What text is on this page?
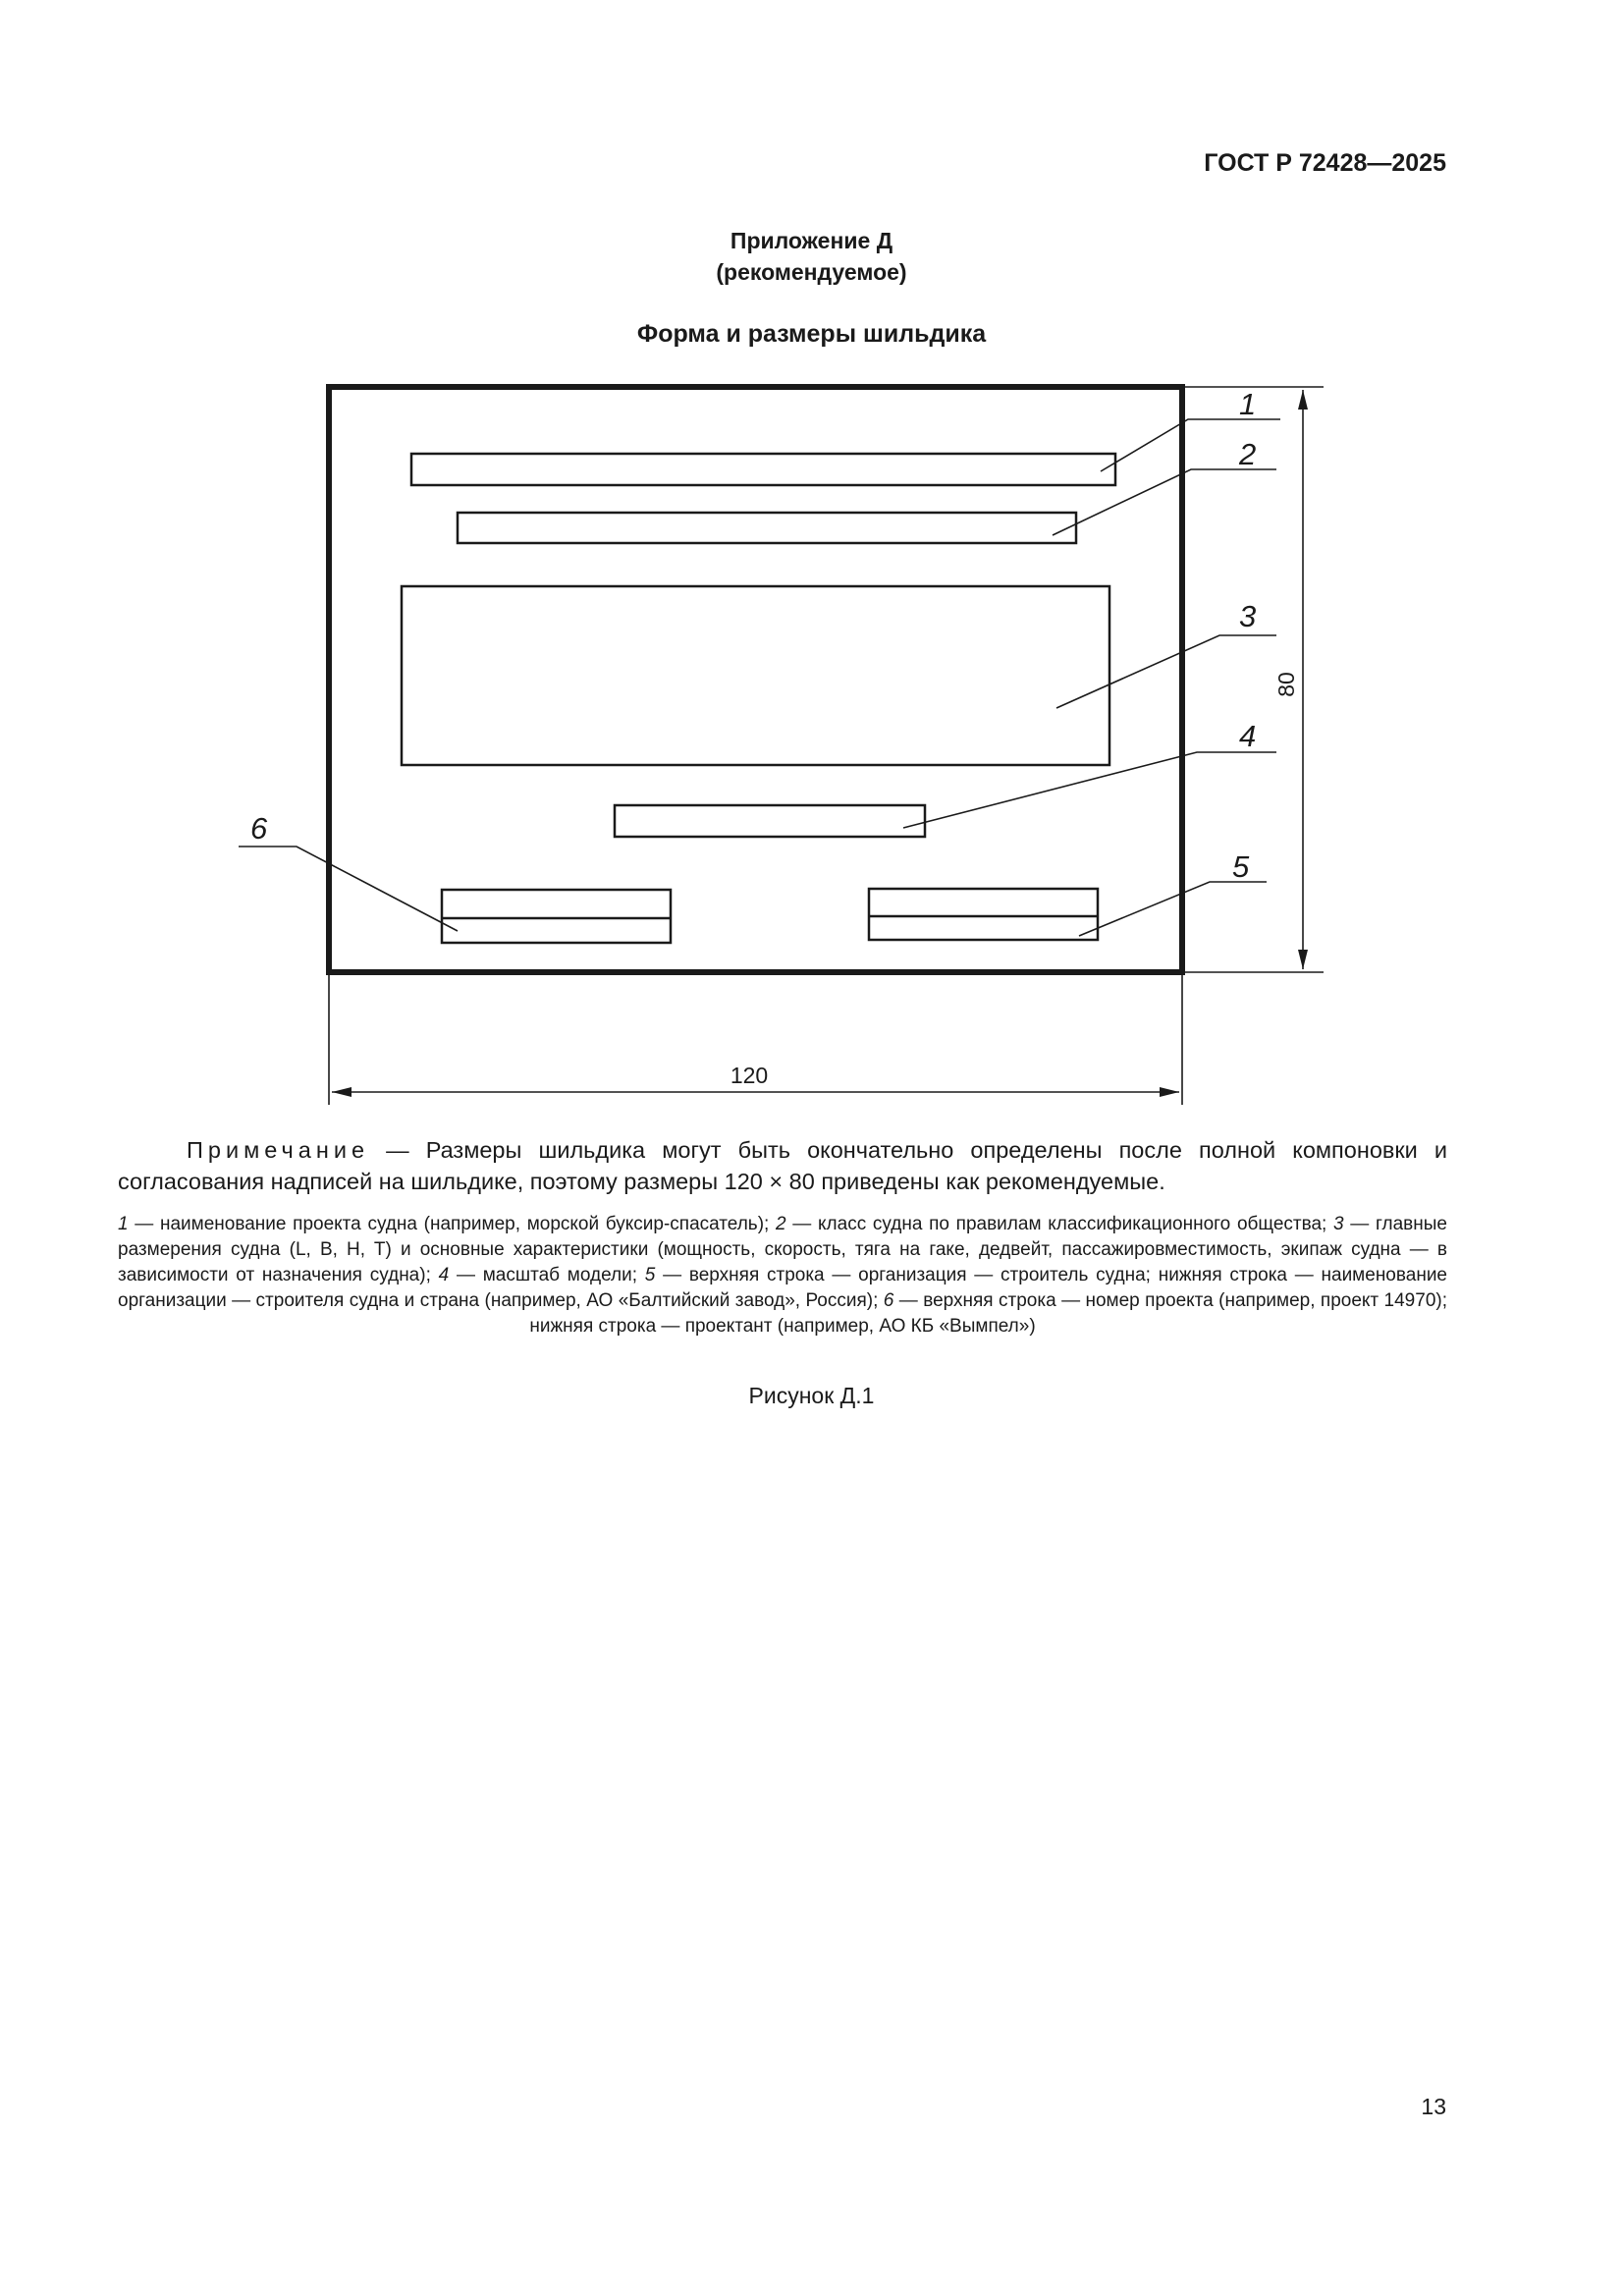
ГОСТ Р 72428—2025
Приложение Д
(рекомендуемое)
Форма и размеры шильдика
1
2
3
4
5
6
80
120
Примечание — Размеры шильдика могут быть окончательно определены после полной компоновки и согласования надписей на шильдике, поэтому размеры 120 × 80 приведены как рекомендуемые.
1 — наименование проекта судна (например, морской буксир-спасатель); 2 — класс судна по правилам классификационного общества; 3 — главные размерения судна (L, B, H, T) и основные характеристики (мощность, скорость, тяга на гаке, дедвейт, пассажировместимость, экипаж судна — в зависимости от назначения судна); 4 — масштаб модели; 5 — верхняя строка — организация — строитель судна; нижняя строка — наименование организации — строителя судна и страна (например, АО «Балтийский завод», Россия); 6 — верхняя строка — номер проекта (например, проект 14970); нижняя строка — проектант (например, АО КБ «Вымпел»)
Рисунок Д.1
13
